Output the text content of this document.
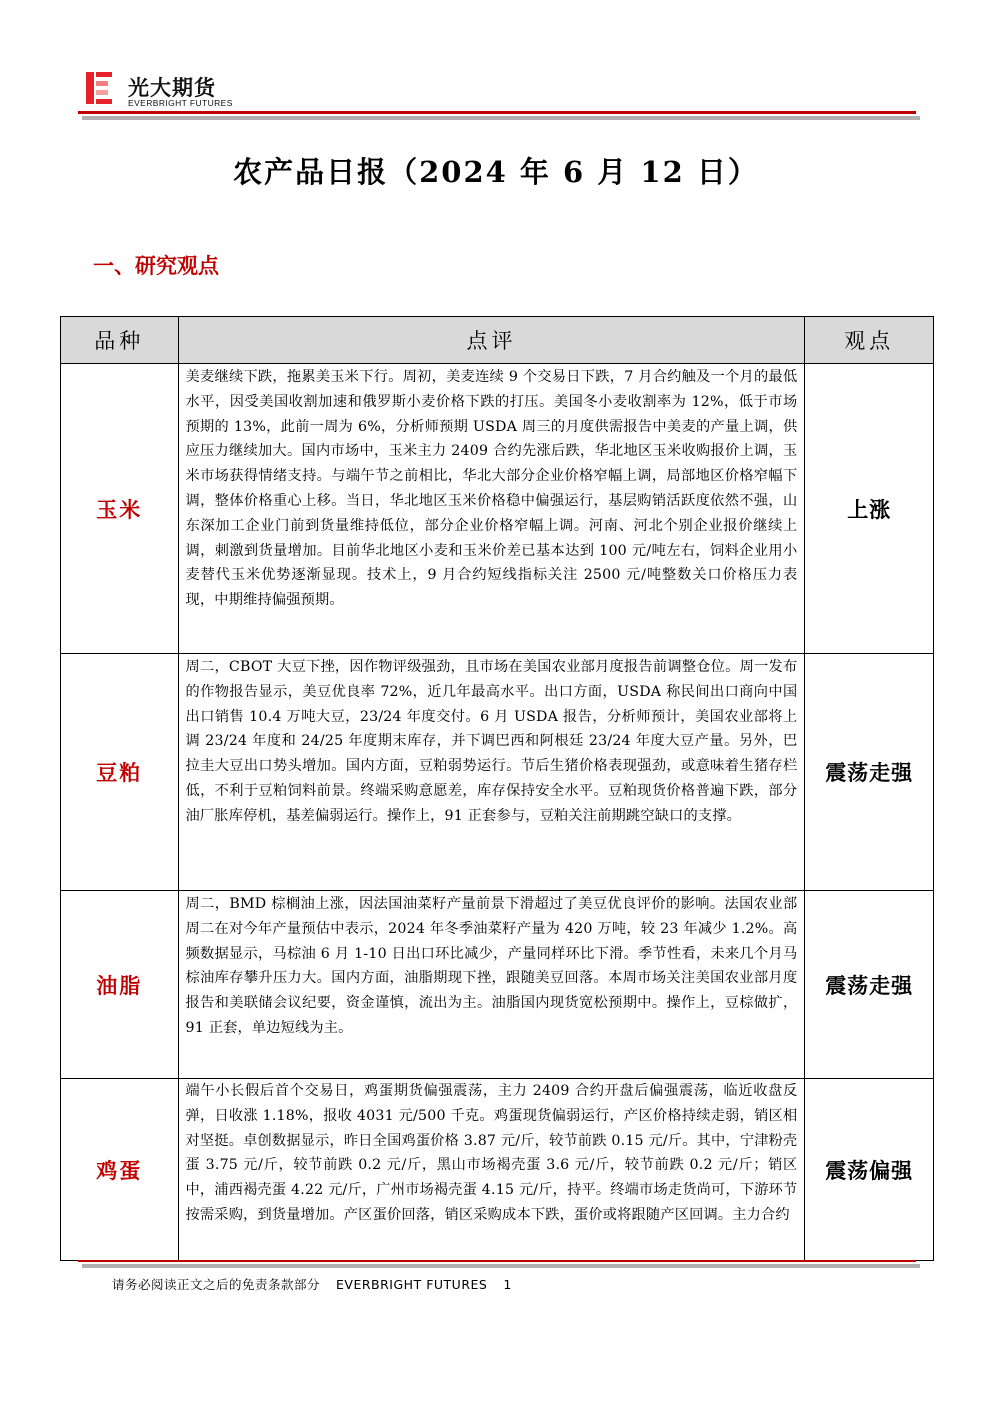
光大期货
EVERBRIGHT FUTURES
农产品日报（2024 年 6 月 12 日）
一、研究观点
品种	点评	观点
玉米	美麦继续下跌，拖累美玉米下行。周初，美麦连续 9 个交易日下跌，7 月合约触及一个月的最低水平，因受美国收割加速和俄罗斯小麦价格下跌的打压。美国冬小麦收割率为 12%，低于市场预期的 13%，此前一周为 6%，分析师预期 USDA 周三的月度供需报告中美麦的产量上调，供应压力继续加大。国内市场中，玉米主力 2409 合约先涨后跌，华北地区玉米收购报价上调，玉米市场获得情绪支持。与端午节之前相比，华北大部分企业价格窄幅上调，局部地区价格窄幅下调，整体价格重心上移。当日，华北地区玉米价格稳中偏强运行，基层购销活跃度依然不强，山东深加工企业门前到货量维持低位，部分企业价格窄幅上调。河南、河北个别企业报价继续上调，刺激到货量增加。目前华北地区小麦和玉米价差已基本达到 100 元/吨左右，饲料企业用小麦替代玉米优势逐渐显现。技术上，9 月合约短线指标关注 2500 元/吨整数关口价格压力表现，中期维持偏强预期。	上涨
豆粕	周二，CBOT 大豆下挫，因作物评级强劲，且市场在美国农业部月度报告前调整仓位。周一发布的作物报告显示，美豆优良率 72%，近几年最高水平。出口方面，USDA 称民间出口商向中国出口销售 10.4 万吨大豆，23/24 年度交付。6 月 USDA 报告，分析师预计，美国农业部将上调 23/24 年度和 24/25 年度期末库存，并下调巴西和阿根廷 23/24 年度大豆产量。另外，巴拉圭大豆出口势头增加。国内方面，豆粕弱势运行。节后生猪价格表现强劲，或意味着生猪存栏低，不利于豆粕饲料前景。终端采购意愿差，库存保持安全水平。豆粕现货价格普遍下跌，部分油厂胀库停机，基差偏弱运行。操作上，91 正套参与，豆粕关注前期跳空缺口的支撑。	震荡走强
油脂	周二，BMD 棕榈油上涨，因法国油菜籽产量前景下滑超过了美豆优良评价的影响。法国农业部周二在对今年产量预估中表示，2024 年冬季油菜籽产量为 420 万吨，较 23 年减少 1.2%。高频数据显示，马棕油 6 月 1-10 日出口环比减少，产量同样环比下滑。季节性看，未来几个月马棕油库存攀升压力大。国内方面，油脂期现下挫，跟随美豆回落。本周市场关注美国农业部月度报告和美联储会议纪要，资金谨慎，流出为主。油脂国内现货宽松预期中。操作上，豆棕做扩，91 正套，单边短线为主。	震荡走强
鸡蛋	端午小长假后首个交易日，鸡蛋期货偏强震荡，主力 2409 合约开盘后偏强震荡，临近收盘反弹，日收涨 1.18%，报收 4031 元/500 千克。鸡蛋现货偏弱运行，产区价格持续走弱，销区相对坚挺。卓创数据显示，昨日全国鸡蛋价格 3.87 元/斤，较节前跌 0.15 元/斤。其中，宁津粉壳蛋 3.75 元/斤，较节前跌 0.2 元/斤，黑山市场褐壳蛋 3.6 元/斤，较节前跌 0.2 元/斤；销区中，浦西褐壳蛋 4.22 元/斤，广州市场褐壳蛋 4.15 元/斤，持平。终端市场走货尚可，下游环节按需采购，到货量增加。产区蛋价回落，销区采购成本下跌，蛋价或将跟随产区回调。主力合约	震荡偏强
请务必阅读正文之后的免责条款部分 EVERBRIGHT FUTURES 1
